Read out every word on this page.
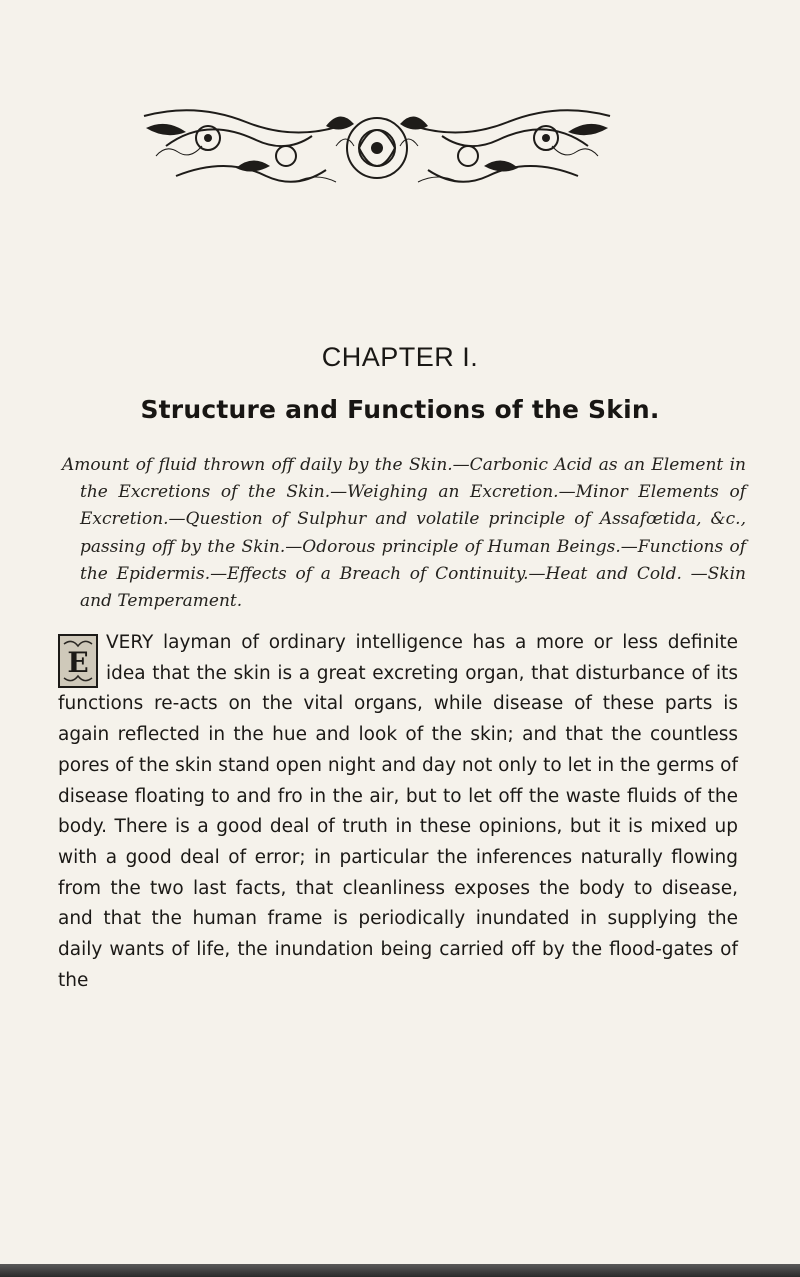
CHAPTER I.
Structure and Functions of the Skin.

Amount of fluid thrown off daily by the Skin.—Carbonic Acid as an Element in the Excretions of the Skin.—Weighing an Excretion.—Minor Elements of Excretion.—Question of Sulphur and volatile principle of Assafœtida, &c., passing off by the Skin.—Odorous principle of Human Beings.—Functions of the Epidermis.—Effects of a Breach of Continuity.—Heat and Cold. —Skin and Temperament.

E
VERY layman of ordinary intelligence has a more or less definite idea that the skin is a great excreting organ, that disturbance of its functions re-acts on the vital organs, while disease of these parts is again reflected in the hue and look of the skin; and that the countless pores of the skin stand open night and day not only to let in the germs of disease floating to and fro in the air, but to let off the waste fluids of the body. There is a good deal of truth in these opinions, but it is mixed up with a good deal of error; in particular the inferences naturally flowing from the two last facts, that cleanliness exposes the body to disease, and that the human frame is periodically inundated in supplying the daily wants of life, the inundation being carried off by the flood-gates of the
